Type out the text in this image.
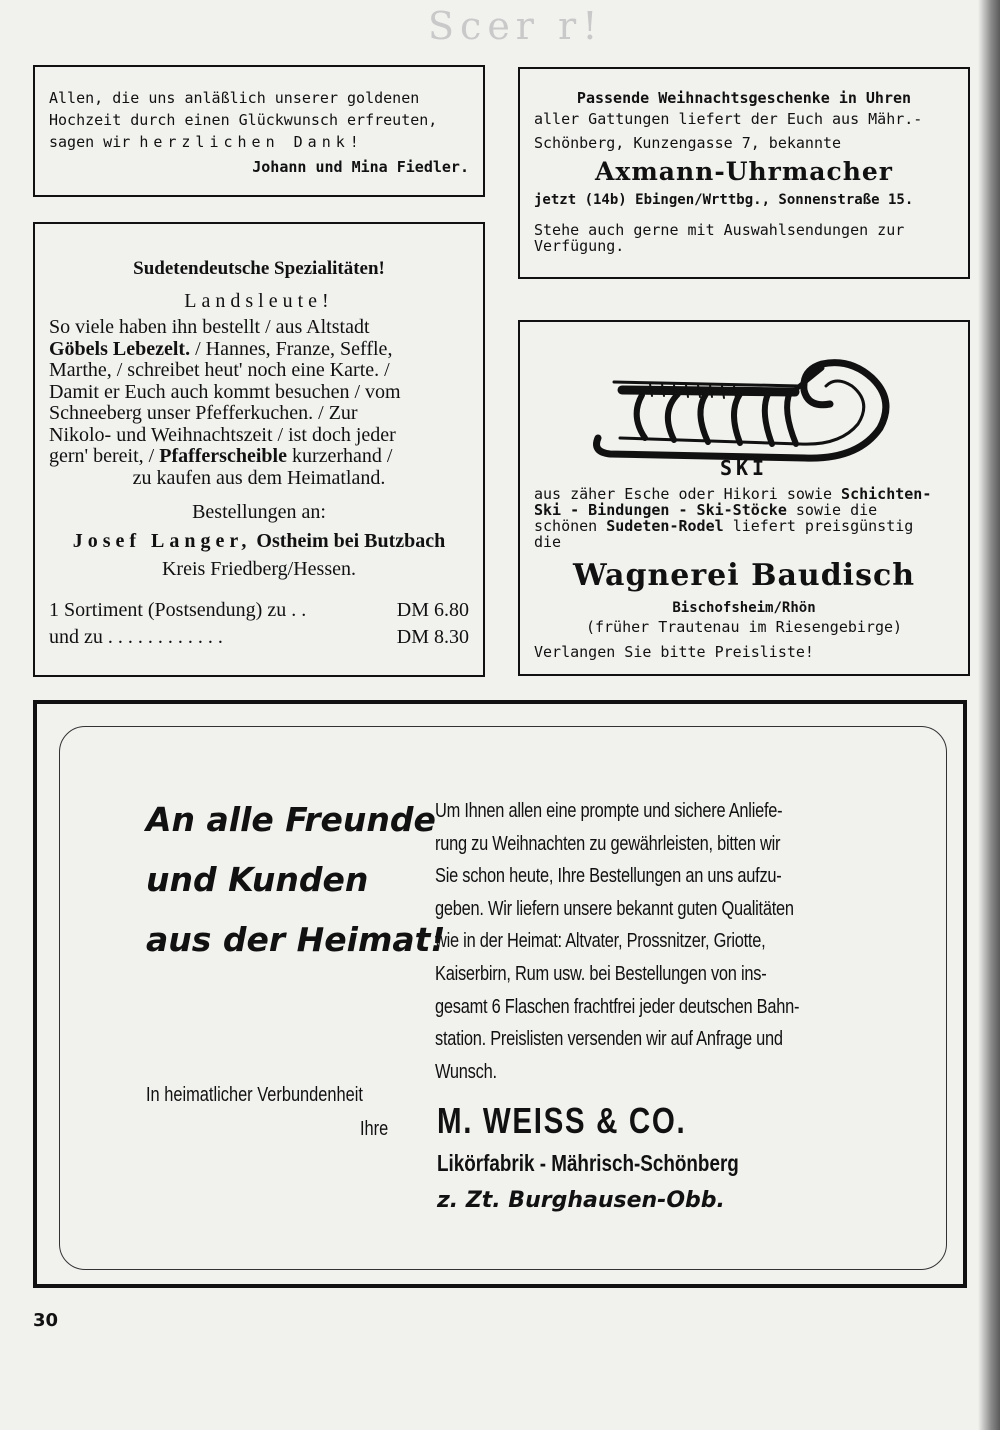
Scer r!
Allen, die uns anläßlich unserer goldenen
Hochzeit durch einen Glückwunsch erfreuten,
sagen wir herzlichen Dank!
Johann und Mina Fiedler.
Passende Weihnachtsgeschenke in Uhren
aller Gattungen liefert der Euch aus Mähr.-
Schönberg, Kunzengasse 7, bekannte
Axmann-Uhrmacher
jetzt (14b) Ebingen/Wrttbg., Sonnenstraße 15.
Stehe auch gerne mit Auswahlsendungen zur Verfügung.
Sudetendeutsche Spezialitäten!
Landsleute!
So viele haben ihn bestellt / aus Altstadt
Göbels Lebezelt. / Hannes, Franze, Seffle,
Marthe, / schreibet heut' noch eine Karte. /
Damit er Euch auch kommt besuchen / vom
Schneeberg unser Pfefferkuchen. / Zur
Nikolo- und Weihnachtszeit / ist doch jeder
gern' bereit, / Pfafferscheible kurzerhand /
zu kaufen aus dem Heimatland.
Bestellungen an:
Josef Langer, Ostheim bei Butzbach
Kreis Friedberg/Hessen.
1 Sortiment (Postsendung) zu . .	DM 6.80
und zu . . . . . . . . . . . .	DM 8.30
SKI
aus zäher Esche oder Hikori sowie Schichten-
Ski - Bindungen - Ski-Stöcke sowie die
schönen Sudeten-Rodel liefert preisgünstig
die
Wagnerei Baudisch
Bischofsheim/Rhön
(früher Trautenau im Riesengebirge)
Verlangen Sie bitte Preisliste!
An alle Freunde
und Kunden
aus der Heimat!
Um Ihnen allen eine prompte und sichere Anliefe-
rung zu Weihnachten zu gewährleisten, bitten wir
Sie schon heute, Ihre Bestellungen an uns aufzu-
geben. Wir liefern unsere bekannt guten Qualitäten
wie in der Heimat: Altvater, Prossnitzer, Griotte,
Kaiserbirn, Rum usw. bei Bestellungen von ins-
gesamt 6 Flaschen frachtfrei jeder deutschen Bahn-
station. Preislisten versenden wir auf Anfrage und
Wunsch.
In heimatlicher Verbundenheit
Ihre M. WEISS & CO.
Likörfabrik - Mährisch-Schönberg
z. Zt. Burghausen-Obb.
30
